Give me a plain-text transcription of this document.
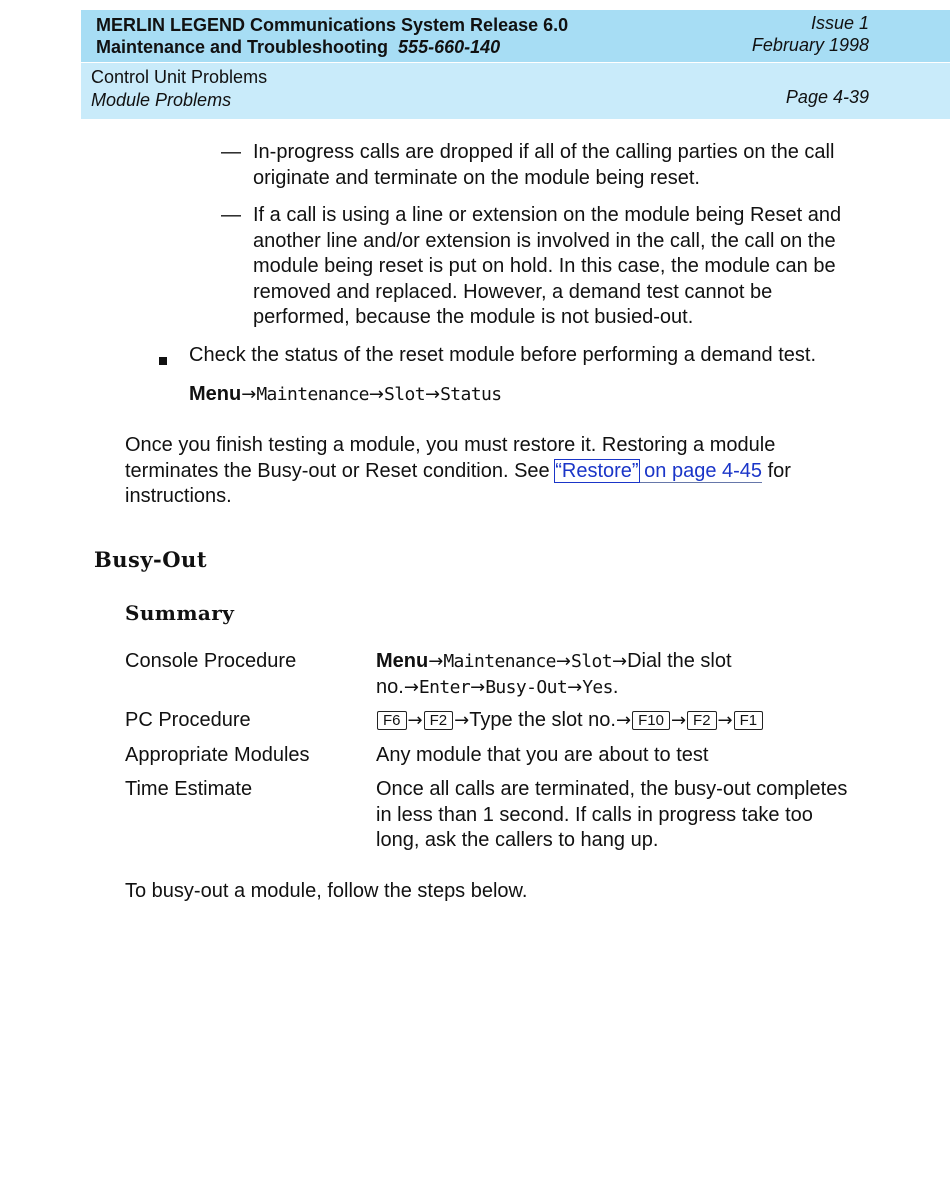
MERLIN LEGEND Communications System Release 6.0
Maintenance and Troubleshooting 555-660-140
Issue 1
February 1998
Control Unit Problems
Module Problems	Page 4-39
— In-progress calls are dropped if all of the calling parties on the call
originate and terminate on the module being reset.
— If a call is using a line or extension on the module being Reset and
another line and/or extension is involved in the call, the call on the
module being reset is put on hold. In this case, the module can be
removed and replaced. However, a demand test cannot be
performed, because the module is not busied-out.
Check the status of the reset module before performing a demand test.
Menu→Maintenance→Slot→Status
Once you finish testing a module, you must restore it. Restoring a module
terminates the Busy-out or Reset condition. See “Restore” on page 4-45 for
instructions.
Busy-Out
Summary
Console Procedure	Menu→Maintenance→Slot→Dial the slot
no.→Enter→Busy-Out→Yes.
PC Procedure	F6 → F2 →Type the slot no.→ F10 → F2 → F1
Appropriate Modules	Any module that you are about to test
Time Estimate	Once all calls are terminated, the busy-out completes
in less than 1 second. If calls in progress take too
long, ask the callers to hang up.
To busy-out a module, follow the steps below.
